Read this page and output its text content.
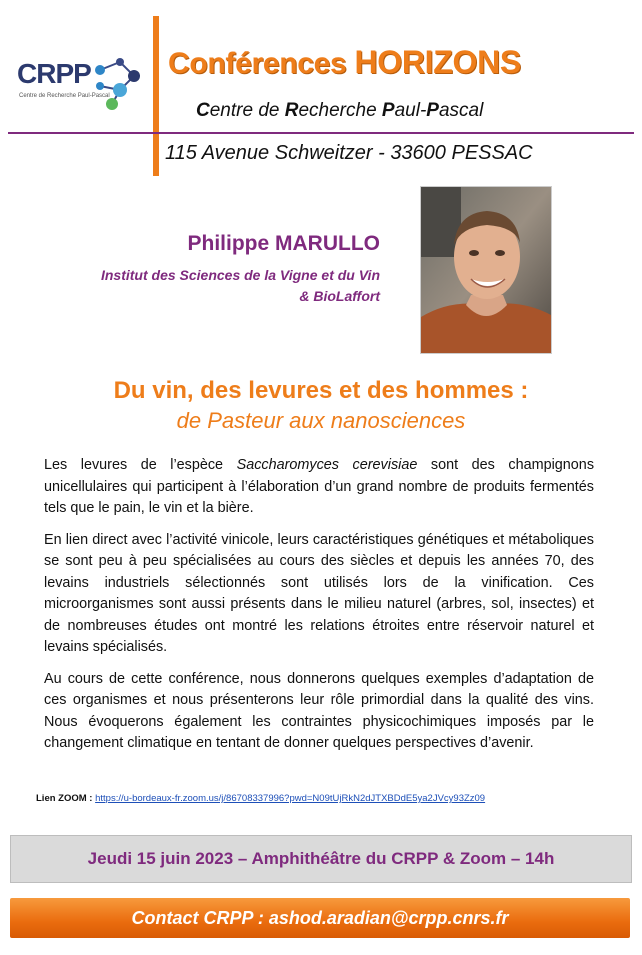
CRPP
Centre de Recherche Paul-Pascal
Conférences HORIZONS
Centre de Recherche Paul-Pascal
115 Avenue Schweitzer - 33600 PESSAC
Philippe MARULLO
Institut des Sciences de la Vigne et du Vin
& BioLaffort
Du vin, des levures et des hommes :
de Pasteur aux nanosciences

Les levures de l’espèce Saccharomyces cerevisiae sont des champignons unicellulaires qui participent à l’élaboration d’un grand nombre de produits fermentés tels que le pain, le vin et la bière.

En lien direct avec l’activité vinicole, leurs caractéristiques génétiques et métaboliques se sont peu à peu spécialisées au cours des siècles et depuis les années 70, des levains industriels sélectionnés sont utilisés lors de la vinification. Ces microorganismes sont aussi présents dans le milieu naturel (arbres, sol, insectes) et de nombreuses études ont montré les relations étroites entre réservoir naturel et levains spécialisés.

Au cours de cette conférence, nous donnerons quelques exemples d’adaptation de ces organismes et nous présenterons leur rôle primordial dans la qualité des vins. Nous évoquerons également les contraintes physicochimiques imposés par le changement climatique en tentant de donner quelques perspectives d’avenir.

Lien ZOOM : https://u-bordeaux-fr.zoom.us/j/86708337996?pwd=N09tUjRkN2dJTXBDdE5ya2JVcy93Zz09
Jeudi 15 juin 2023 – Amphithéâtre du CRPP & Zoom – 14h
Contact CRPP : ashod.aradian@crpp.cnrs.fr
